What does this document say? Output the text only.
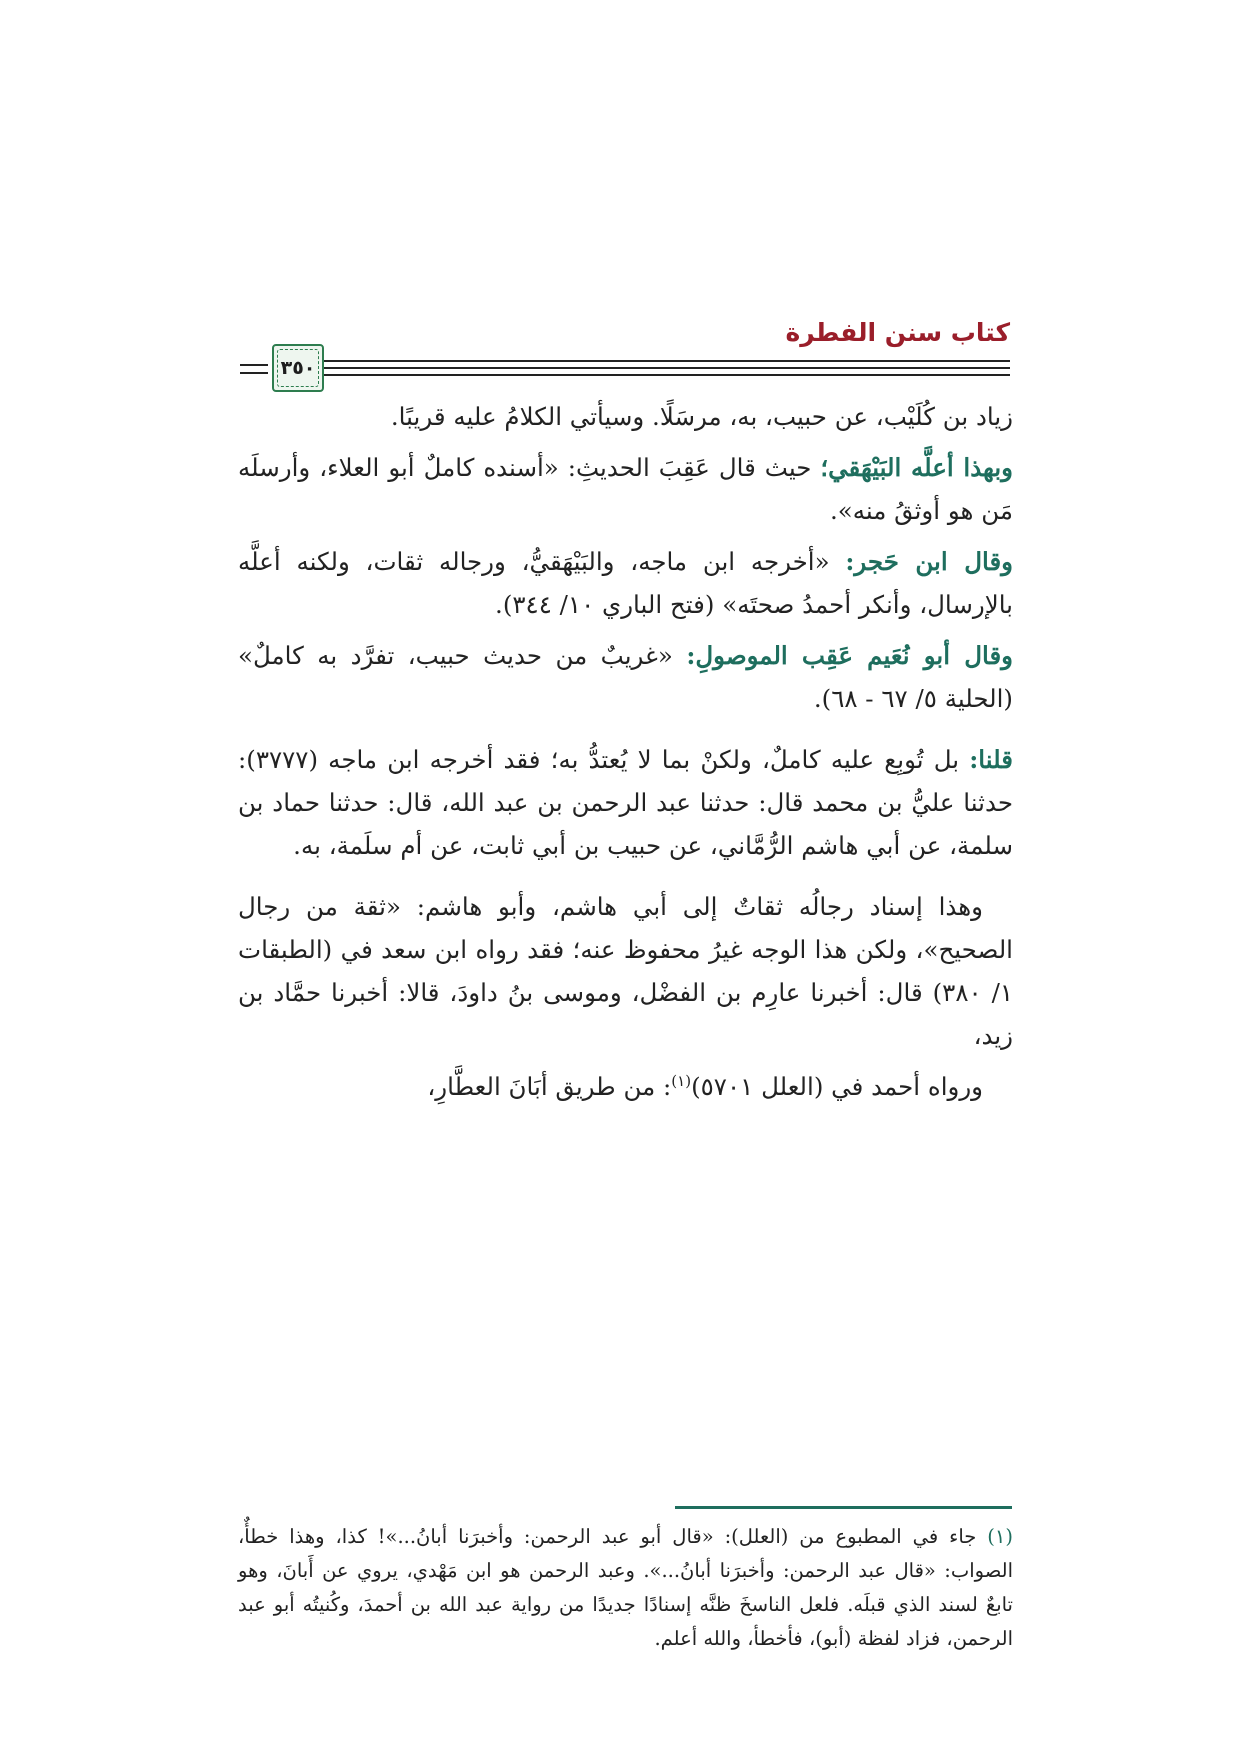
كتاب سنن الفطرة
٣٥٠

زياد بن كُلَيْب، عن حبيب، به، مرسَلًا. وسيأتي الكلامُ عليه قريبًا.

وبهذا أعلَّه البَيْهَقي؛ حيث قال عَقِبَ الحديثِ: «أسنده كاملٌ أبو العلاء، وأرسلَه مَن هو أوثقُ منه».

وقال ابن حَجر: «أخرجه ابن ماجه، والبَيْهَقيُّ، ورجاله ثقات، ولكنه أعلَّه بالإرسال، وأنكر أحمدُ صحتَه» (فتح الباري ١٠/ ٣٤٤).

وقال أبو نُعَيم عَقِب الموصولِ: «غريبٌ من حديث حبيب، تفرَّد به كاملٌ» (الحلية ٥/ ٦٧ - ٦٨).

قلنا: بل تُوبِع عليه كاملٌ، ولكنْ بما لا يُعتدُّ به؛ فقد أخرجه ابن ماجه (٣٧٧٧): حدثنا عليُّ بن محمد قال: حدثنا عبد الرحمن بن عبد الله، قال: حدثنا حماد بن سلمة، عن أبي هاشم الرُّمَّاني، عن حبيب بن أبي ثابت، عن أم سلَمة، به.

وهذا إسناد رجالُه ثقاتٌ إلى أبي هاشم، وأبو هاشم: «ثقة من رجال الصحيح»، ولكن هذا الوجه غيرُ محفوظ عنه؛ فقد رواه ابن سعد في (الطبقات ١/ ٣٨٠) قال: أخبرنا عارِم بن الفضْل، وموسى بنُ داودَ، قالا: أخبرنا حمَّاد بن زيد،

ورواه أحمد في (العلل ٥٧٠١)$^{(١)}$: من طريق أبَانَ العطَّارِ،

(١) جاء في المطبوع من (العلل): «قال أبو عبد الرحمن: وأخبرَنا أبانُ...»! كذا، وهذا خطأٌ، الصواب: «قال عبد الرحمن: وأخبرَنا أبانُ...». وعبد الرحمن هو ابن مَهْدي، يروي عن أَبانَ، وهو تابعٌ لسند الذي قبلَه. فلعل الناسخَ ظنَّه إسنادًا جديدًا من رواية عبد الله بن أحمدَ، وكُنيتُه أبو عبد الرحمن، فزاد لفظة (أبو)، فأخطأ، والله أعلم.
